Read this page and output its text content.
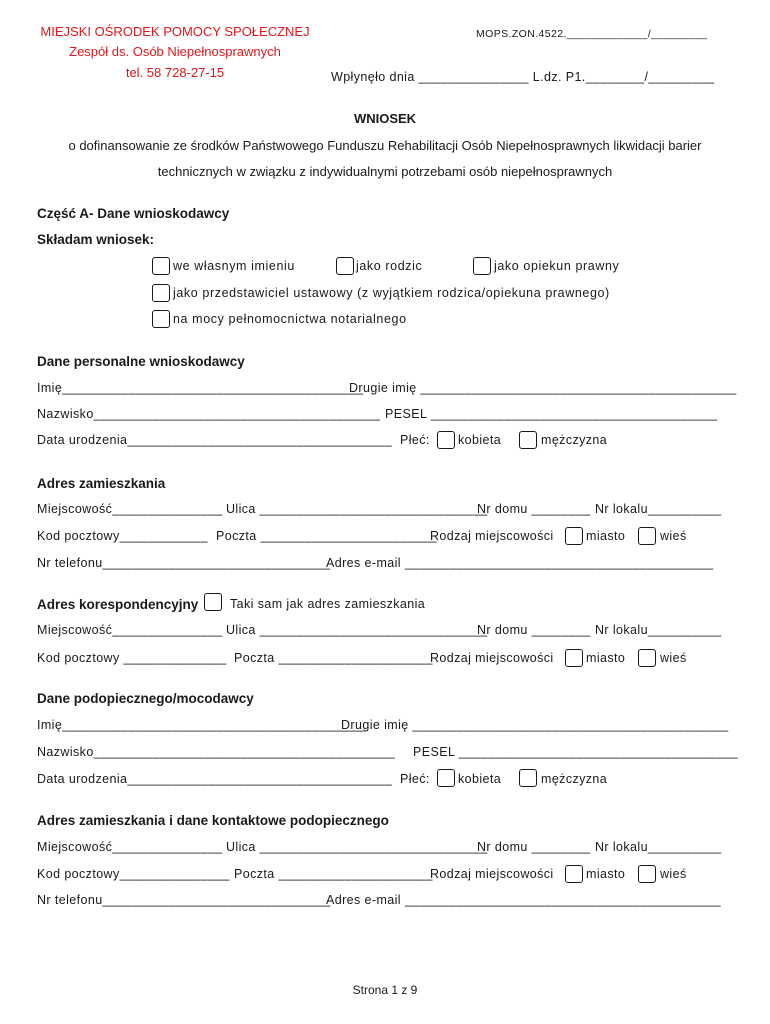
MIEJSKI OŚRODEK POMOCY SPOŁECZNEJ
Zespół ds. Osób Niepełnosprawnych
tel. 58 728-27-15
MOPS.ZON.4522._____________/_________
Wpłynęło dnia _______________ L.dz. P1.________/_________
WNIOSEK
o dofinansowanie ze środków Państwowego Funduszu Rehabilitacji Osób Niepełnosprawnych likwidacji barier
technicznych w związku z indywidualnymi potrzebami osób niepełnosprawnych
Część A- Dane wnioskodawcy
Składam wniosek:
we własnym imieniu	jako rodzic	jako opiekun prawny
jako przedstawiciel ustawowy (z wyjątkiem rodzica/opiekuna prawnego)
na mocy pełnomocnictwa notarialnego
Dane personalne wnioskodawcy
Imię_________________________________________
Drugie imię ___________________________________________
Nazwisko_______________________________________ PESEL _______________________________________
Data urodzenia____________________________________ Płeć: kobieta	mężczyzna
Adres zamieszkania
Miejscowość_______________ Ulica _______________________________
Nr domu ________ Nr lokalu__________
Kod pocztowy____________ Poczta ________________________
Rodzaj miejscowości	miasto	wieś
Nr telefonu_______________________________
Adres e-mail __________________________________________
Adres korespondencyjny	Taki sam jak adres zamieszkania
Miejscowość_______________ Ulica _______________________________
Nr domu ________ Nr lokalu__________
Kod pocztowy ______________ Poczta _____________________
Rodzaj miejscowości	miasto	wieś
Dane podopiecznego/mocodawcy
Imię_________________________________________
Drugie imię ___________________________________________
Nazwisko_________________________________________ PESEL ______________________________________
Data urodzenia____________________________________ Płeć: kobieta	mężczyzna
Adres zamieszkania i dane kontaktowe podopiecznego
Miejscowość_______________ Ulica _______________________________
Nr domu ________ Nr lokalu__________
Kod pocztowy_______________ Poczta _____________________
Rodzaj miejscowości	miasto	wieś
Nr telefonu_______________________________
Adres e-mail ___________________________________________
Strona 1 z 9
